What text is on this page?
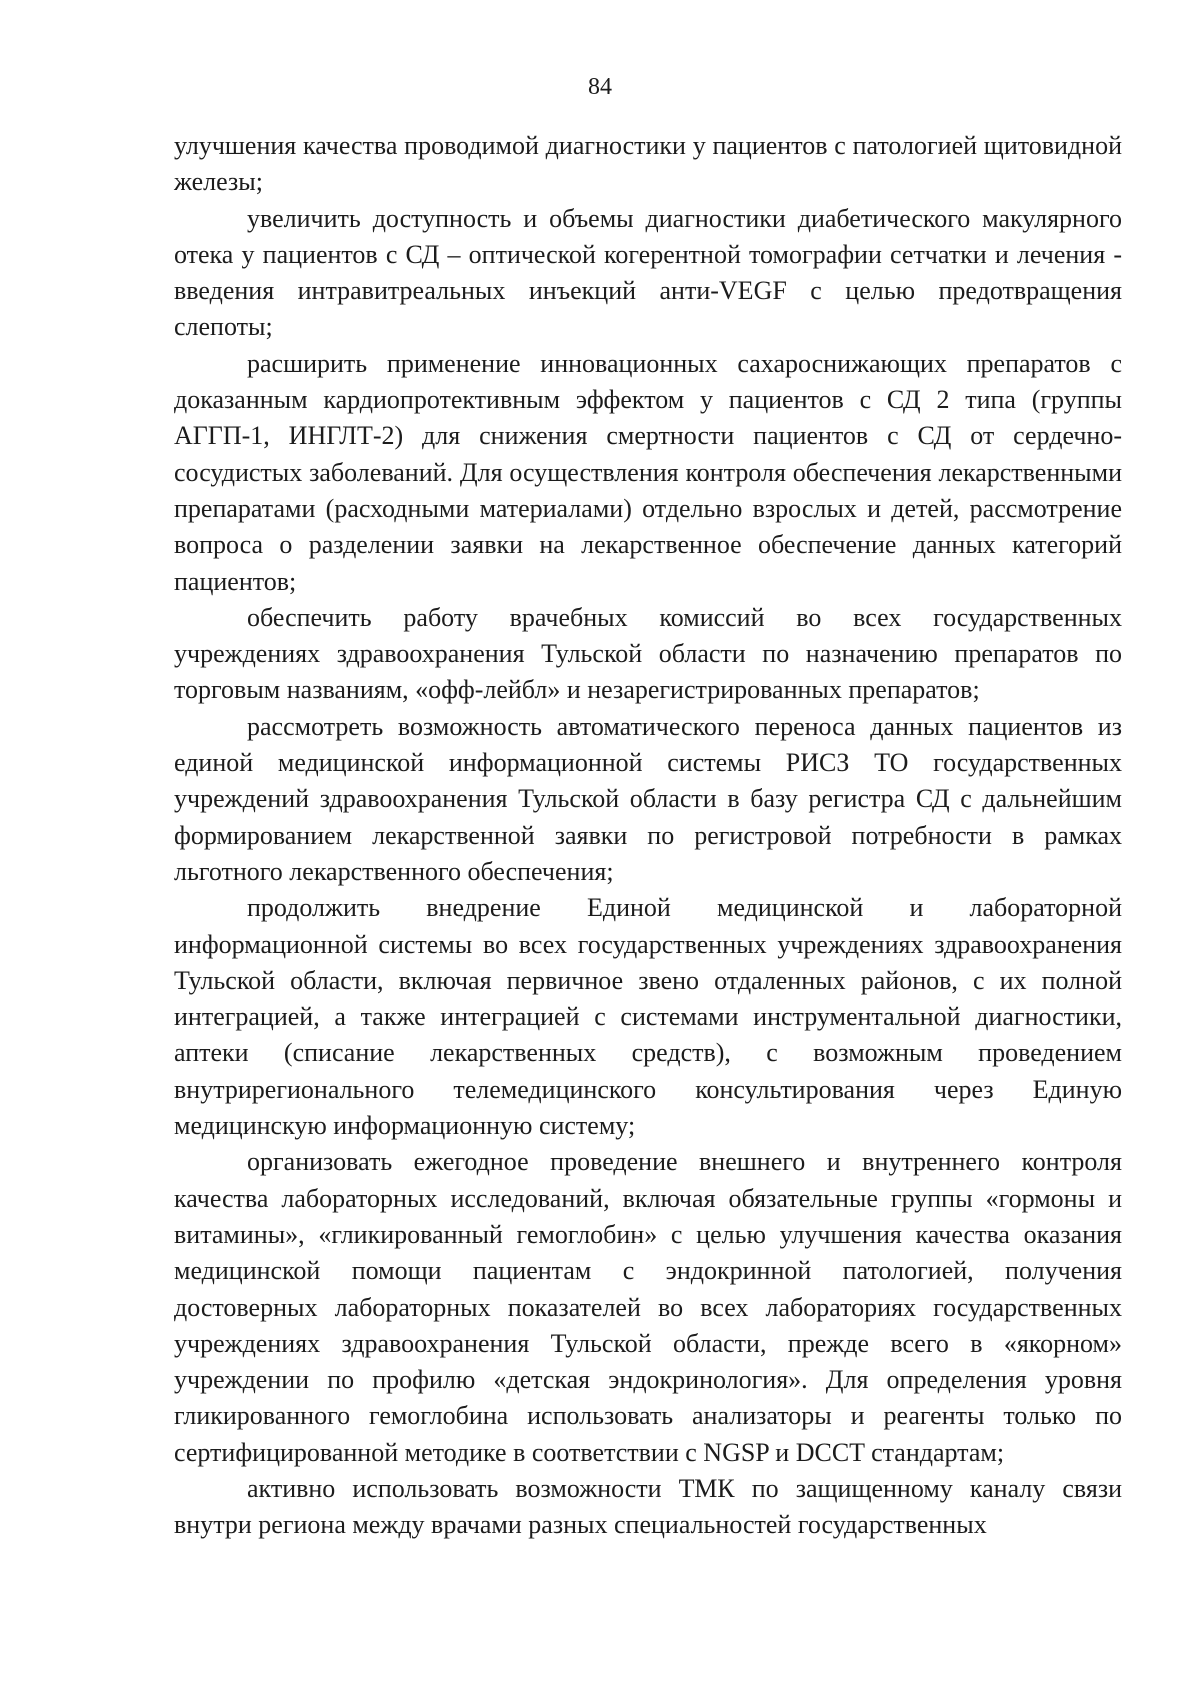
84

улучшения качества проводимой диагностики у пациентов с патологией щитовидной железы;

увеличить доступность и объемы диагностики диабетического макулярного отека у пациентов с СД – оптической когерентной томографии сетчатки и лечения - введения интравитреальных инъекций анти-VEGF с целью предотвращения слепоты;

расширить применение инновационных сахароснижающих препаратов с доказанным кардиопротективным эффектом у пациентов с СД 2 типа (группы АГГП-1, ИНГЛТ-2) для снижения смертности пациентов с СД от сердечно-сосудистых заболеваний. Для осуществления контроля обеспечения лекарственными препаратами (расходными материалами) отдельно взрослых и детей, рассмотрение вопроса о разделении заявки на лекарственное обеспечение данных категорий пациентов;

обеспечить работу врачебных комиссий во всех государственных учреждениях здравоохранения Тульской области по назначению препаратов по торговым названиям, «офф-лейбл» и незарегистрированных препаратов;

рассмотреть возможность автоматического переноса данных пациентов из единой медицинской информационной системы РИСЗ ТО государственных учреждений здравоохранения Тульской области в базу регистра СД с дальнейшим формированием лекарственной заявки по регистровой потребности в рамках льготного лекарственного обеспечения;

продолжить внедрение Единой медицинской и лабораторной информационной системы во всех государственных учреждениях здравоохранения Тульской области, включая первичное звено отдаленных районов, с их полной интеграцией, а также интеграцией с системами инструментальной диагностики, аптеки (списание лекарственных средств), с возможным проведением внутрирегионального телемедицинского консультирования через Единую медицинскую информационную систему;

организовать ежегодное проведение внешнего и внутреннего контроля качества лабораторных исследований, включая обязательные группы «гормоны и витамины», «гликированный гемоглобин» с целью улучшения качества оказания медицинской помощи пациентам с эндокринной патологией, получения достоверных лабораторных показателей во всех лабораториях государственных учреждениях здравоохранения Тульской области, прежде всего в «якорном» учреждении по профилю «детская эндокринология». Для определения уровня гликированного гемоглобина использовать анализаторы и реагенты только по сертифицированной методике в соответствии с NGSP и DCCT стандартам;

активно использовать возможности ТМК по защищенному каналу связи внутри региона между врачами разных специальностей государственных
